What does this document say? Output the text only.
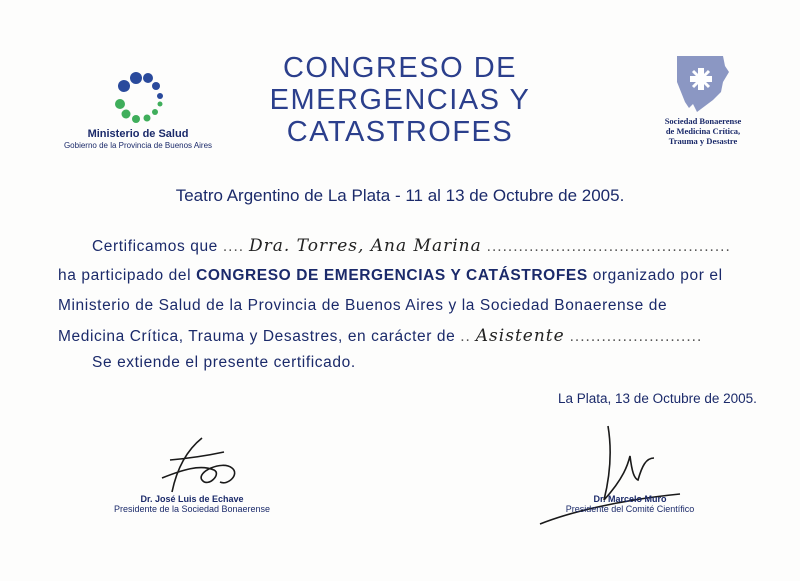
Ministerio de Salud
Gobierno de la Provincia de Buenos Aires
Sociedad Bonaerense
de Medicina Crítica,
Trauma y Desastre
CONGRESO DE
EMERGENCIAS Y
CATASTROFES
Teatro Argentino de La Plata - 11 al 13 de Octubre de 2005.
Certificamos que .... Dra. Torres, Ana Marina ..............................................
ha participado del CONGRESO DE EMERGENCIAS Y CATÁSTROFES organizado por el
Ministerio de Salud de la Provincia de Buenos Aires y la Sociedad Bonaerense de
Medicina Crítica, Trauma y Desastres, en carácter de .. Asistente .........................
Se extiende el presente certificado.
La Plata, 13 de Octubre de 2005.
Dr. José Luis de Echave
Presidente de la Sociedad Bonaerense
Dr. Marcelo Muro
Presidente del Comité Científico
